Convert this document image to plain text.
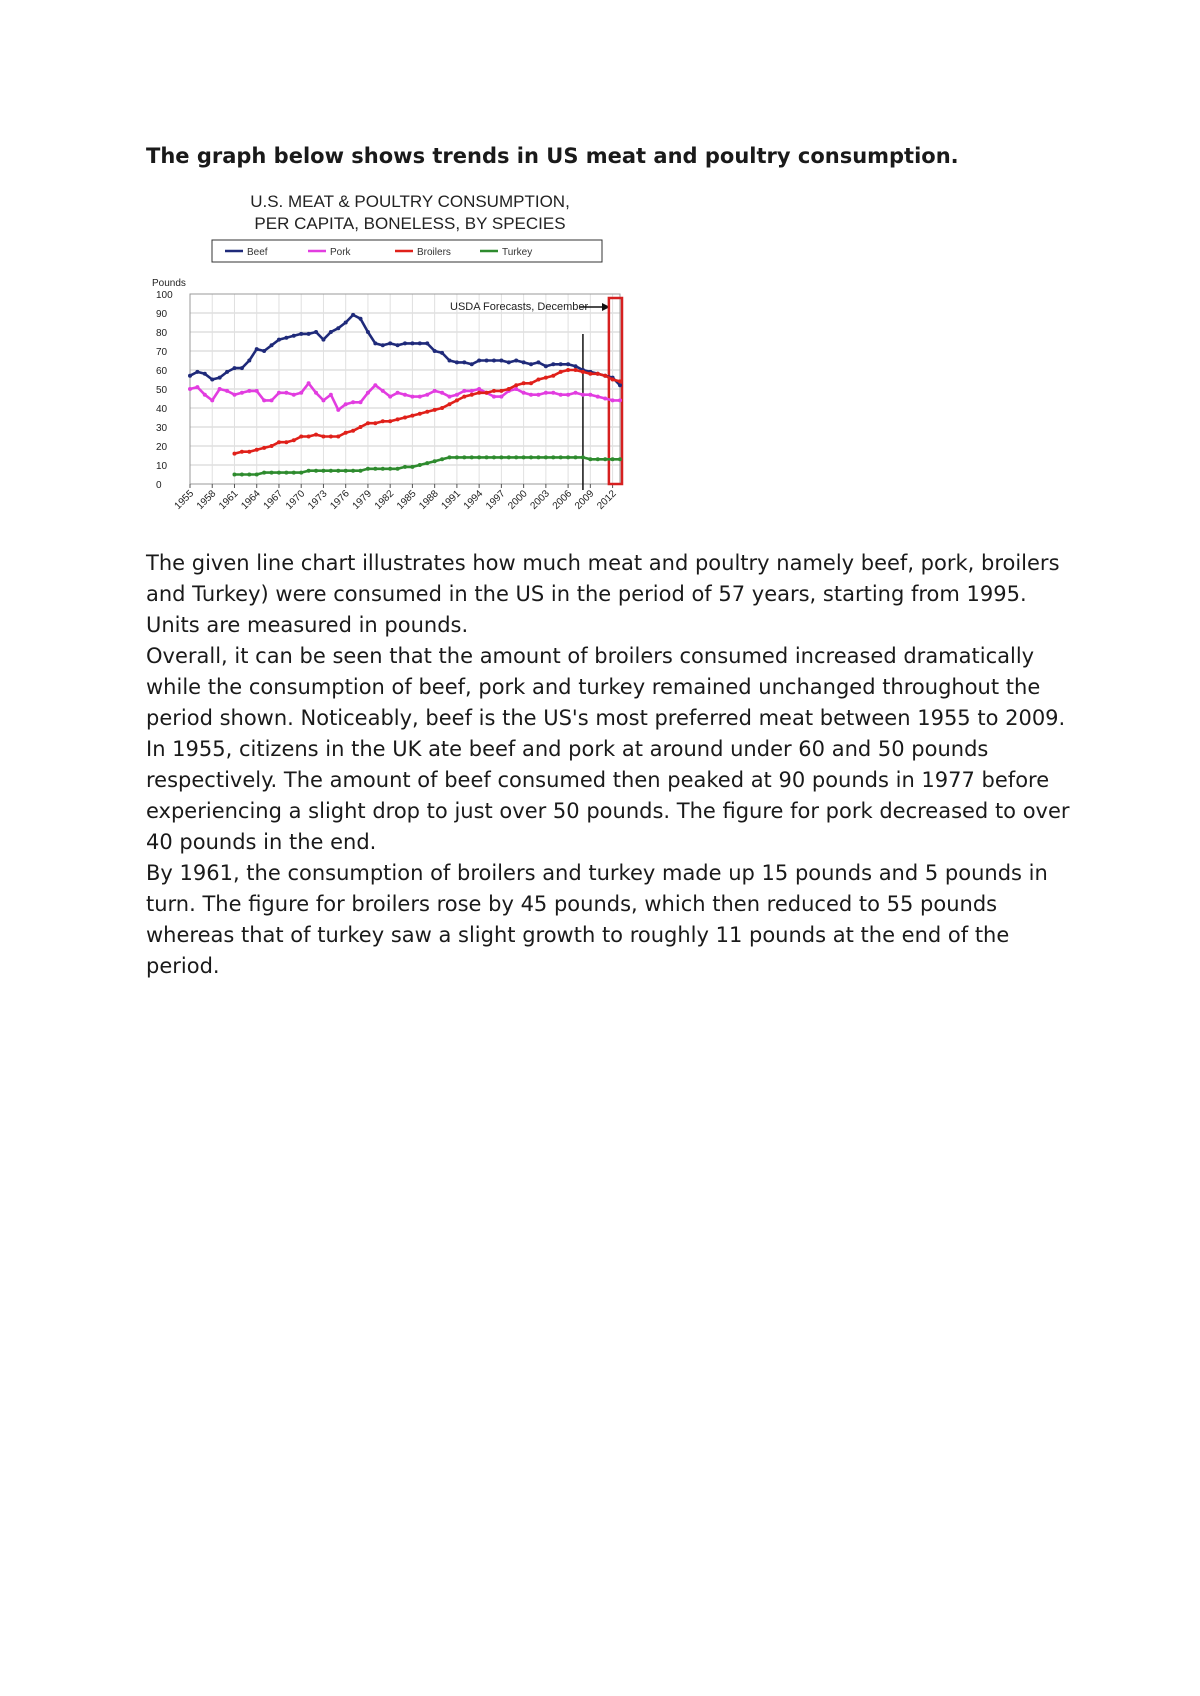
The graph below shows trends in US meat and poultry consumption.
U.S. MEAT & POULTRY CONSUMPTION,
PER CAPITA, BONELESS, BY SPECIES
Beef	Pork	Broilers	Turkey
Pounds
0
10
20
30
40
50
60
70
80
90
100
1955
1958
1961
1964
1967
1970
1973
1976
1979
1982
1985
1988
1991
1994
1997
2000
2003
2006
2009
2012
USDA Forecasts, December

The given line chart illustrates how much meat and poultry namely beef, pork, broilers and Turkey) were consumed in the US in the period of 57 years, starting from 1995. Units are measured in pounds.

Overall, it can be seen that the amount of broilers consumed increased dramatically while the consumption of beef, pork and turkey remained unchanged throughout the period shown. Noticeably, beef is the US's most preferred meat between 1955 to 2009.

In 1955, citizens in the UK ate beef and pork at around under 60 and 50 pounds respectively. The amount of beef consumed then peaked at 90 pounds in 1977 before experiencing a slight drop to just over 50 pounds. The figure for pork decreased to over 40 pounds in the end.

By 1961, the consumption of broilers and turkey made up 15 pounds and 5 pounds in turn. The figure for broilers rose by 45 pounds, which then reduced to 55 pounds whereas that of turkey saw a slight growth to roughly 11 pounds at the end of the period.
